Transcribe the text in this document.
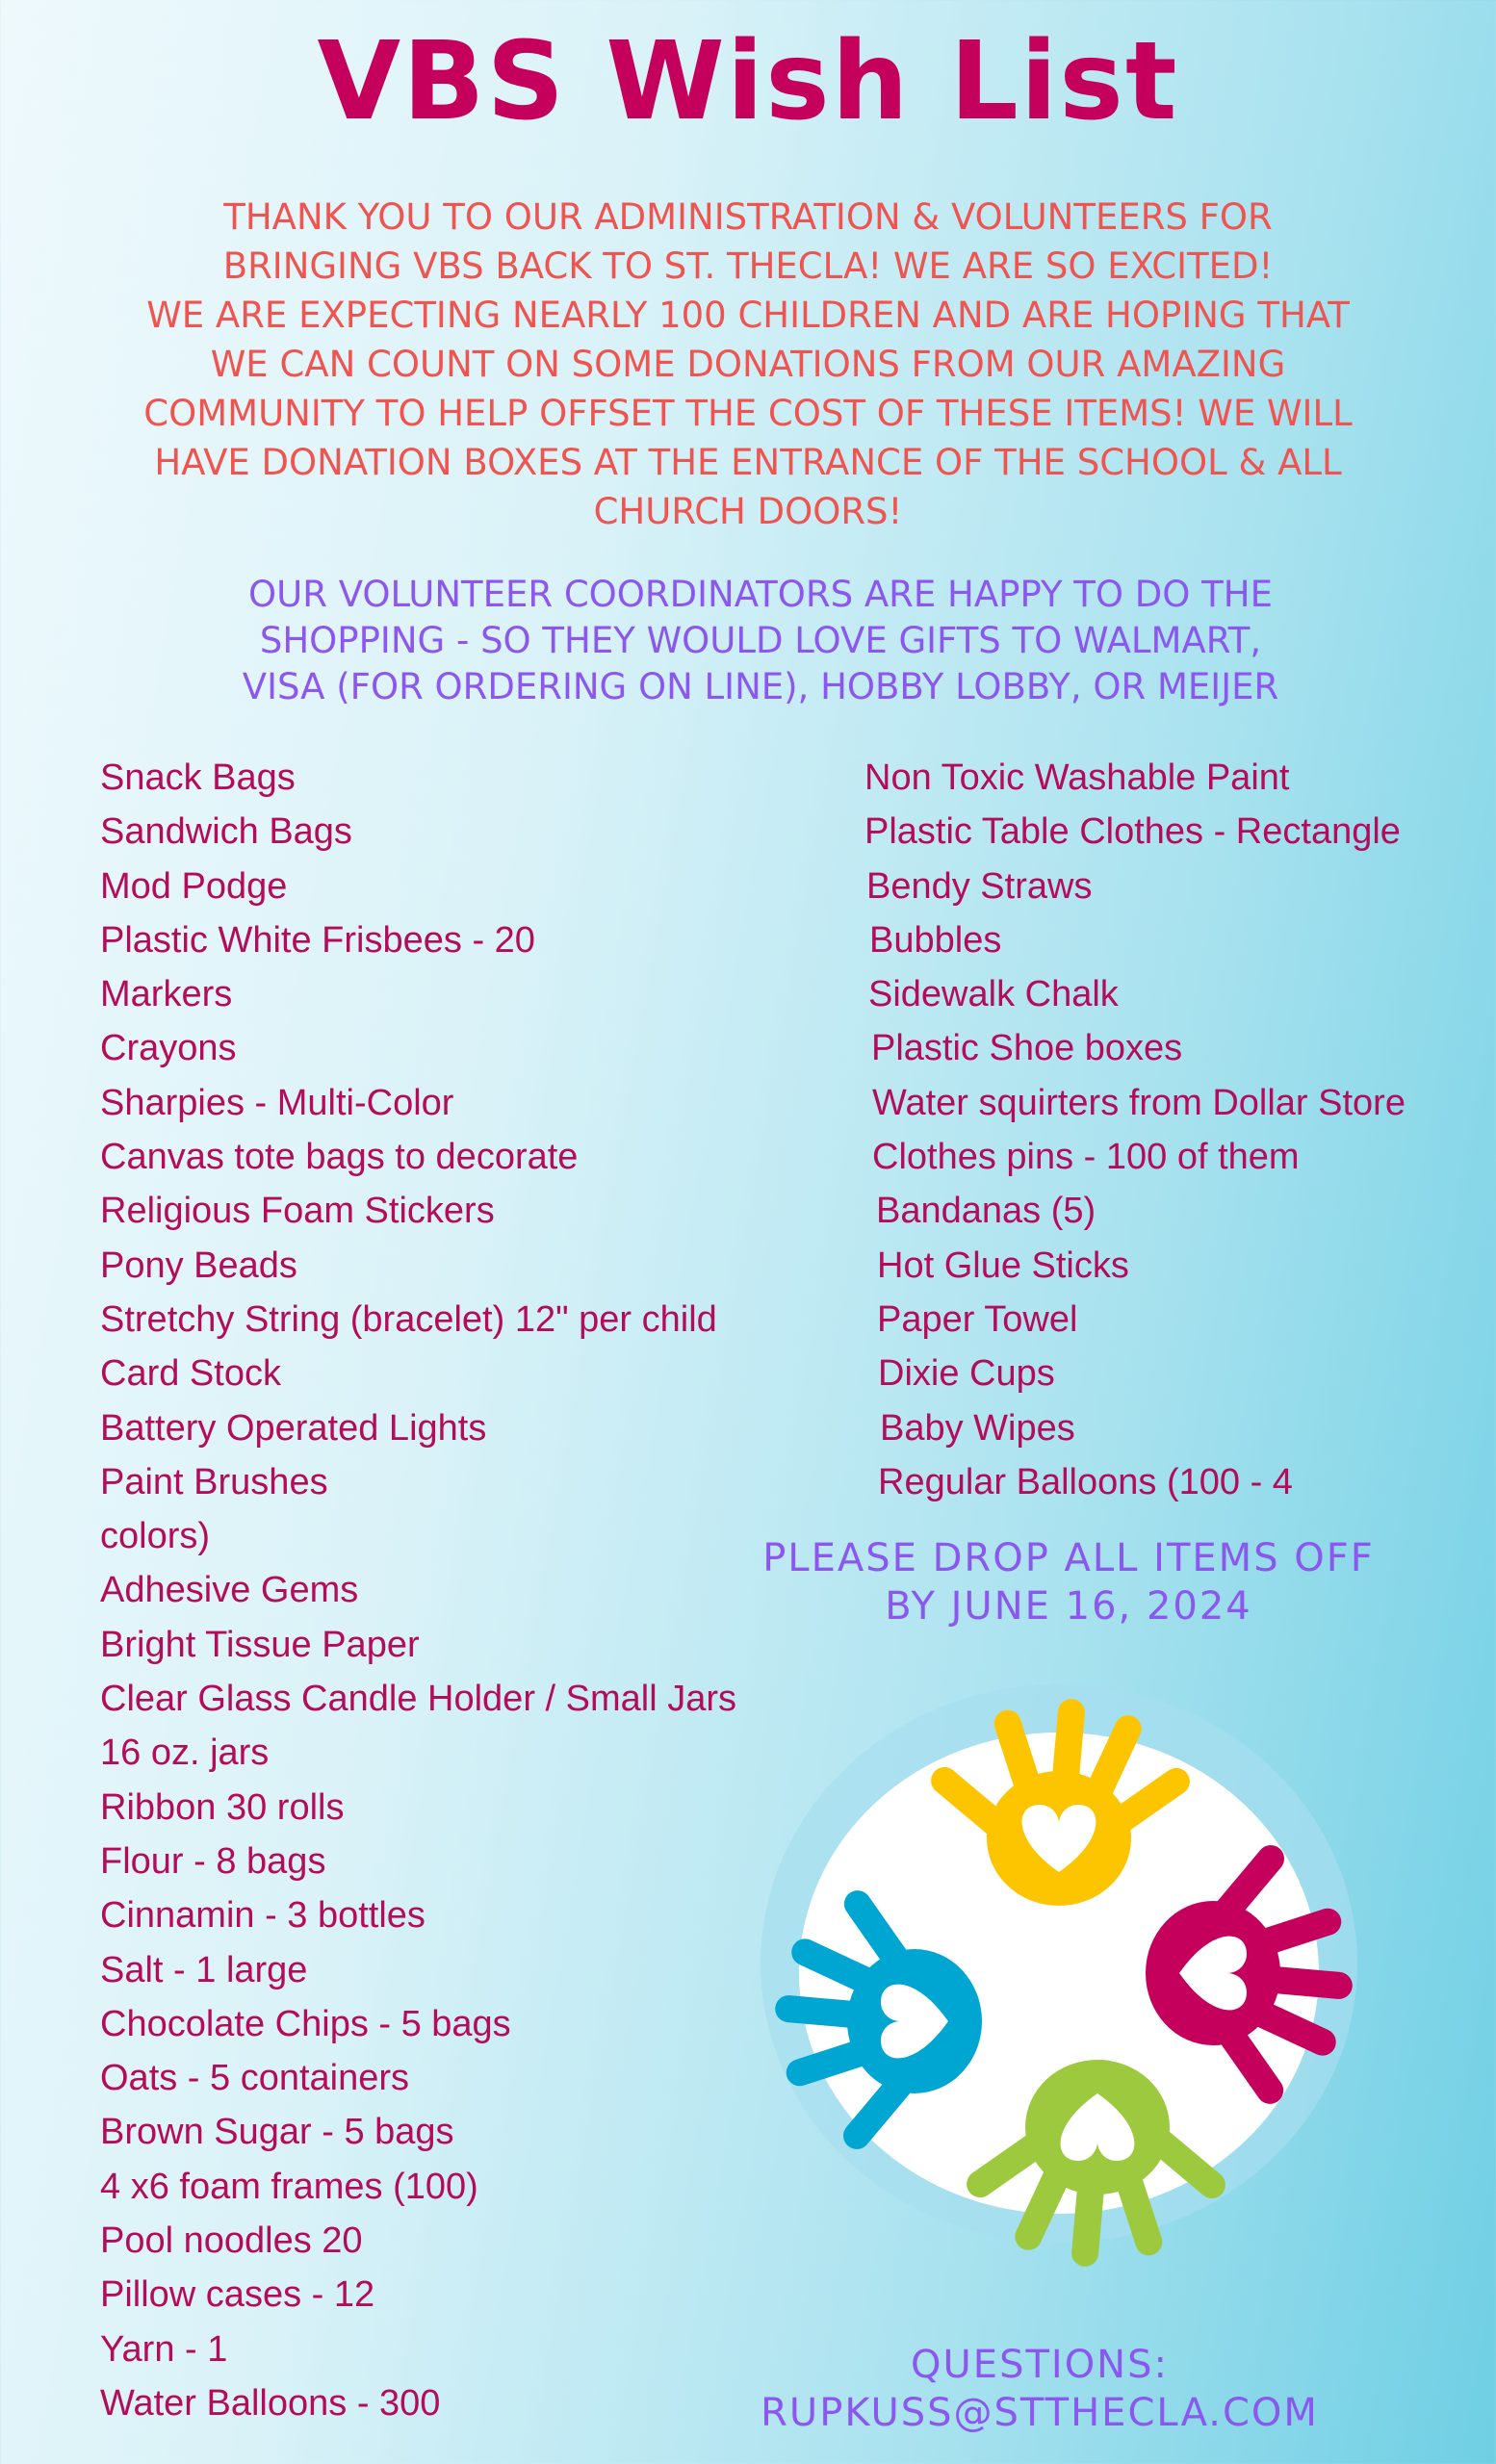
VBS Wish List
THANK YOU TO OUR ADMINISTRATION & VOLUNTEERS FOR
BRINGING VBS BACK TO ST. THECLA! WE ARE SO EXCITED!
WE ARE EXPECTING NEARLY 100 CHILDREN AND ARE HOPING THAT
WE CAN COUNT ON SOME DONATIONS FROM OUR AMAZING
COMMUNITY TO HELP OFFSET THE COST OF THESE ITEMS! WE WILL
HAVE DONATION BOXES AT THE ENTRANCE OF THE SCHOOL & ALL
CHURCH DOORS!
OUR VOLUNTEER COORDINATORS ARE HAPPY TO DO THE
SHOPPING - SO THEY WOULD LOVE GIFTS TO WALMART,
VISA (FOR ORDERING ON LINE), HOBBY LOBBY, OR MEIJER
Snack Bags
Sandwich Bags
Mod Podge
Plastic White Frisbees - 20
Markers
Crayons
Sharpies - Multi-Color
Canvas tote bags to decorate
Religious Foam Stickers
Pony Beads
Stretchy String (bracelet) 12" per child
Card Stock
Battery Operated Lights
Paint Brushes
colors)
Adhesive Gems
Bright Tissue Paper
Clear Glass Candle Holder / Small Jars
16 oz. jars
Ribbon 30 rolls
Flour - 8 bags
Cinnamin - 3 bottles
Salt - 1 large
Chocolate Chips - 5 bags
Oats - 5 containers
Brown Sugar - 5 bags
4 x6 foam frames (100)
Pool noodles 20
Pillow cases - 12
Yarn - 1
Water Balloons - 300
Non Toxic Washable Paint
Plastic Table Clothes - Rectangle
Bendy Straws
Bubbles
Sidewalk Chalk
Plastic Shoe boxes
Water squirters from Dollar Store
Clothes pins - 100 of them
Bandanas (5)
Hot Glue Sticks
Paper Towel
Dixie Cups
Baby Wipes
Regular Balloons (100 - 4
PLEASE DROP ALL ITEMS OFF
BY JUNE 16, 2024
QUESTIONS:
RUPKUSS@STTHECLA.COM
